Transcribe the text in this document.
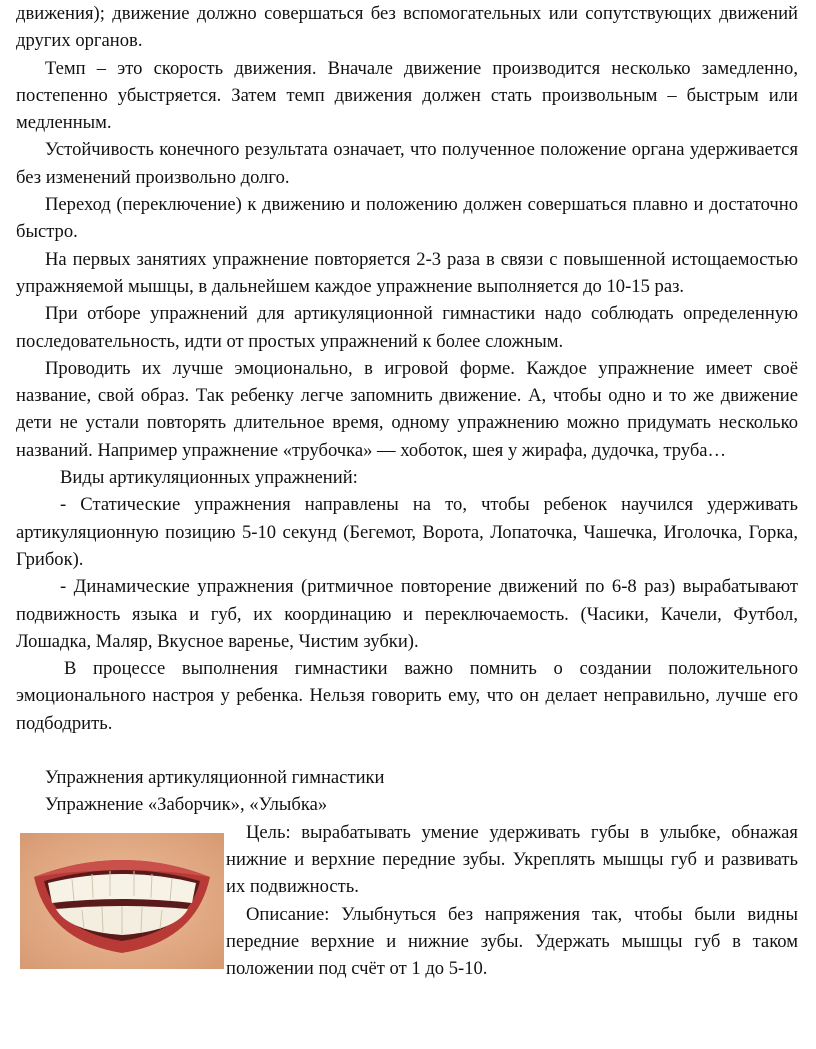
движения); движение должно совершаться без вспомогательных или сопутствующих движений других органов.

Темп – это скорость движения. Вначале движение производится несколько замедленно, постепенно убыстряется. Затем темп движения должен стать произвольным – быстрым или медленным.

Устойчивость конечного результата означает, что полученное положение органа удерживается без изменений произвольно долго.

Переход (переключение) к движению и положению должен совершаться плавно и достаточно быстро.

На первых занятиях упражнение повторяется 2-3 раза в связи с повышенной истощаемостью упражняемой мышцы, в дальнейшем каждое упражнение выполняется до 10-15 раз.

При отборе упражнений для артикуляционной гимнастики надо соблюдать определенную последовательность, идти от простых упражнений к более сложным.

Проводить их лучше эмоционально, в игровой форме. Каждое упражнение имеет своё название, свой образ. Так ребенку легче запомнить движение. А, чтобы одно и то же движение дети не устали повторять длительное время, одному упражнению можно придумать несколько названий. Например упражнение «трубочка» — хоботок, шея у жирафа, дудочка, труба…

Виды артикуляционных упражнений:

- Статические упражнения направлены на то, чтобы ребенок научился удерживать артикуляционную позицию 5-10 секунд (Бегемот, Ворота, Лопаточка, Чашечка, Иголочка, Горка, Грибок).

- Динамические упражнения (ритмичное повторение движений по 6-8 раз) вырабатывают подвижность языка и губ, их координацию и переключаемость. (Часики, Качели, Футбол, Лошадка, Маляр, Вкусное варенье, Чистим зубки).

В процессе выполнения гимнастики важно помнить о создании положительного эмоционального настроя у ребенка. Нельзя говорить ему, что он делает неправильно, лучше его подбодрить.

Упражнения артикуляционной гимнастики

Упражнение «Заборчик», «Улыбка»

Цель: вырабатывать умение удерживать губы в улыбке, обнажая нижние и верхние передние зубы. Укреплять мышцы губ и развивать их подвижность.

Описание: Улыбнуться без напряжения так, чтобы были видны передние верхние и нижние зубы. Удержать мышцы губ в таком положении под счёт от 1 до 5-10.
